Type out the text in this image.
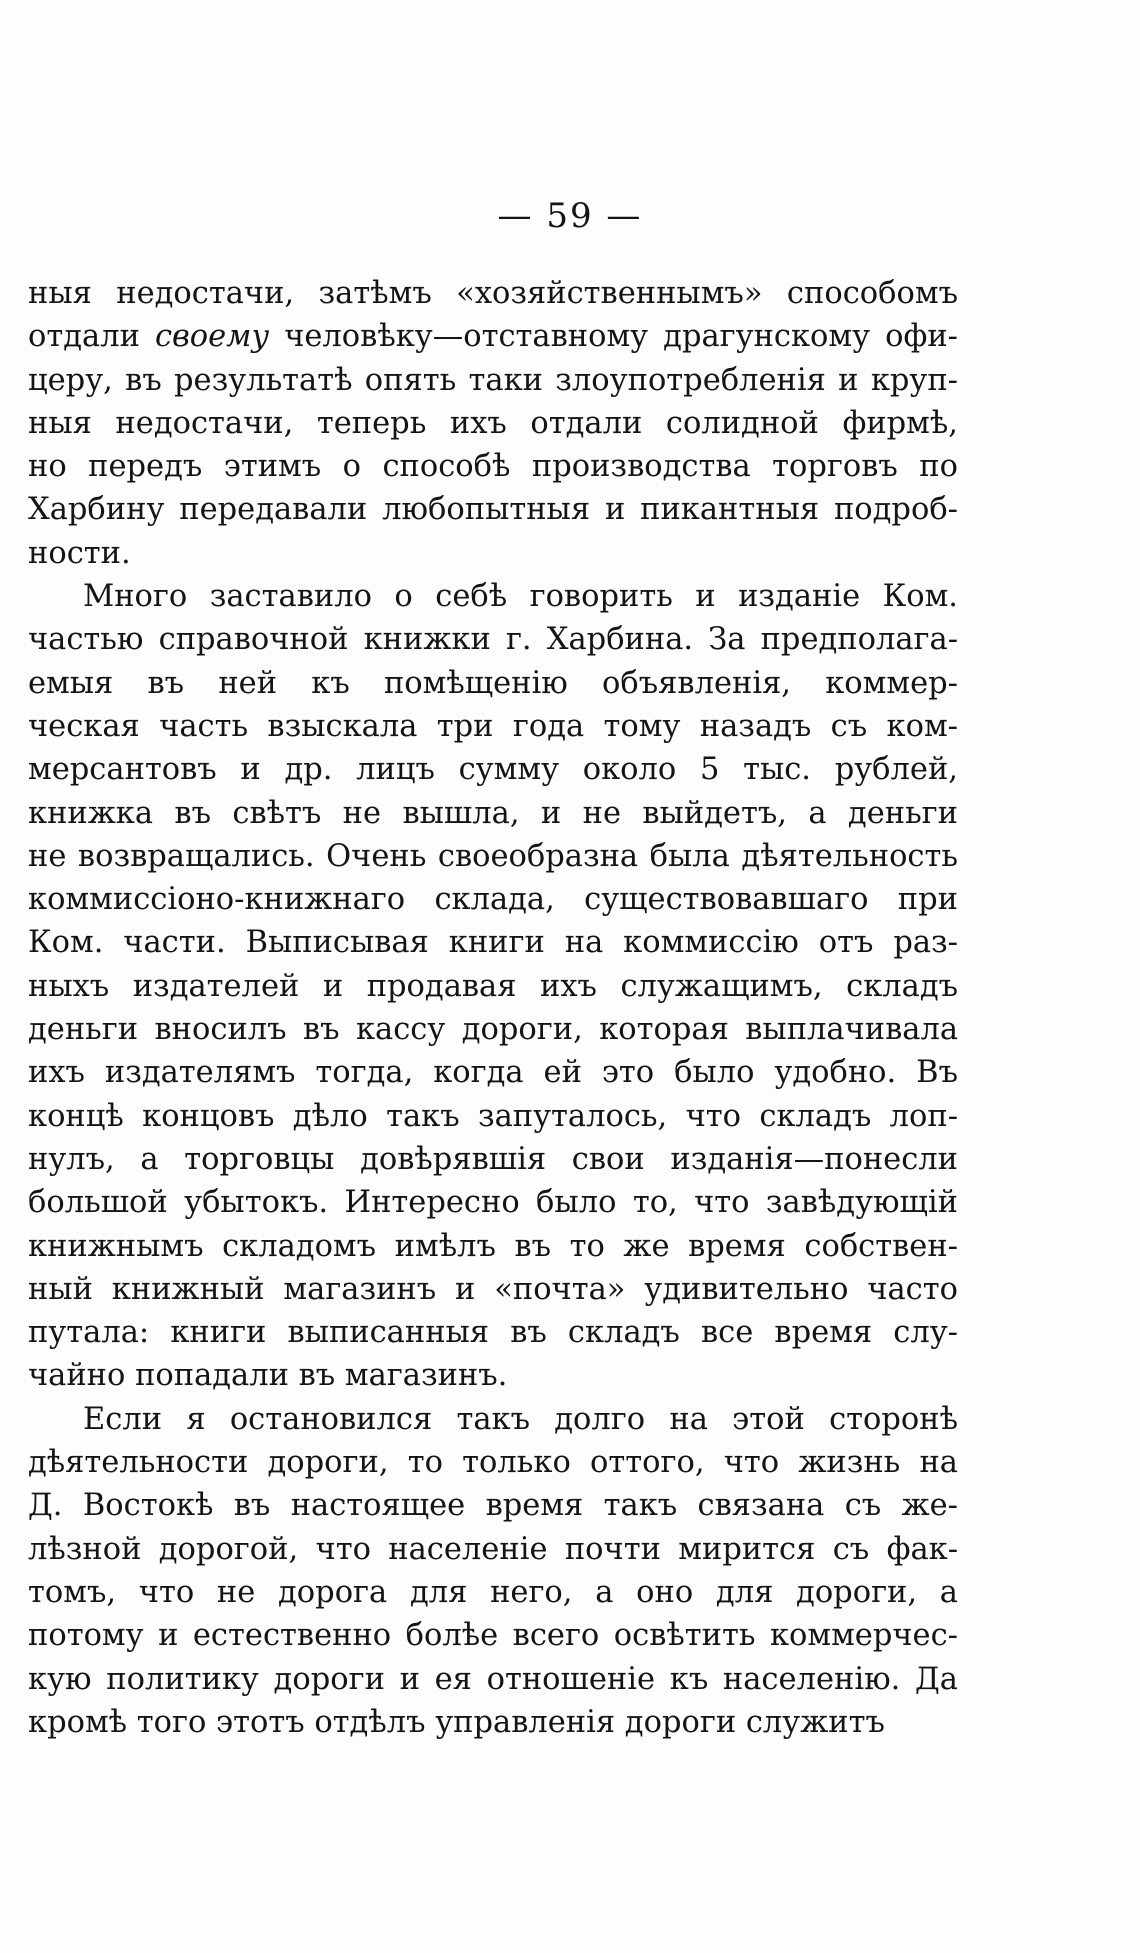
— 59 —
ныя недостачи, затѣмъ «хозяйственнымъ» способомъ
отдали своему человѣку—отставному драгунскому офи-
церу, въ результатѣ опять таки злоупотребленія и круп-
ныя недостачи, теперь ихъ отдали солидной фирмѣ,
но передъ этимъ о способѣ производства торговъ по
Харбину передавали любопытныя и пикантныя подроб-
ности.
Много заставило о себѣ говорить и изданіе Ком.
частью справочной книжки г. Харбина. За предполага-
емыя въ ней къ помѣщенію объявленія, коммер-
ческая часть взыскала три года тому назадъ съ ком-
мерсантовъ и др. лицъ сумму около 5 тыс. рублей,
книжка въ свѣтъ не вышла, и не выйдетъ, а деньги
не возвращались. Очень своеобразна была дѣятельность
коммиссіоно-книжнаго склада, существовавшаго при
Ком. части. Выписывая книги на коммиссію отъ раз-
ныхъ издателей и продавая ихъ служащимъ, складъ
деньги вносилъ въ кассу дороги, которая выплачивала
ихъ издателямъ тогда, когда ей это было удобно. Въ
концѣ концовъ дѣло такъ запуталось, что складъ лоп-
нулъ, а торговцы довѣрявшія свои изданія—понесли
большой убытокъ. Интересно было то, что завѣдующій
книжнымъ складомъ имѣлъ въ то же время собствен-
ный книжный магазинъ и «почта» удивительно часто
путала: книги выписанныя въ складъ все время слу-
чайно попадали въ магазинъ.
Если я остановился такъ долго на этой сторонѣ
дѣятельности дороги, то только оттого, что жизнь на
Д. Востокѣ въ настоящее время такъ связана съ же-
лѣзной дорогой, что населеніе почти мирится съ фак-
томъ, что не дорога для него, а оно для дороги, а
потому и естественно болѣе всего освѣтить коммерчес-
кую политику дороги и ея отношеніе къ населенію. Да
кромѣ того этотъ отдѣлъ управленія дороги служитъ
